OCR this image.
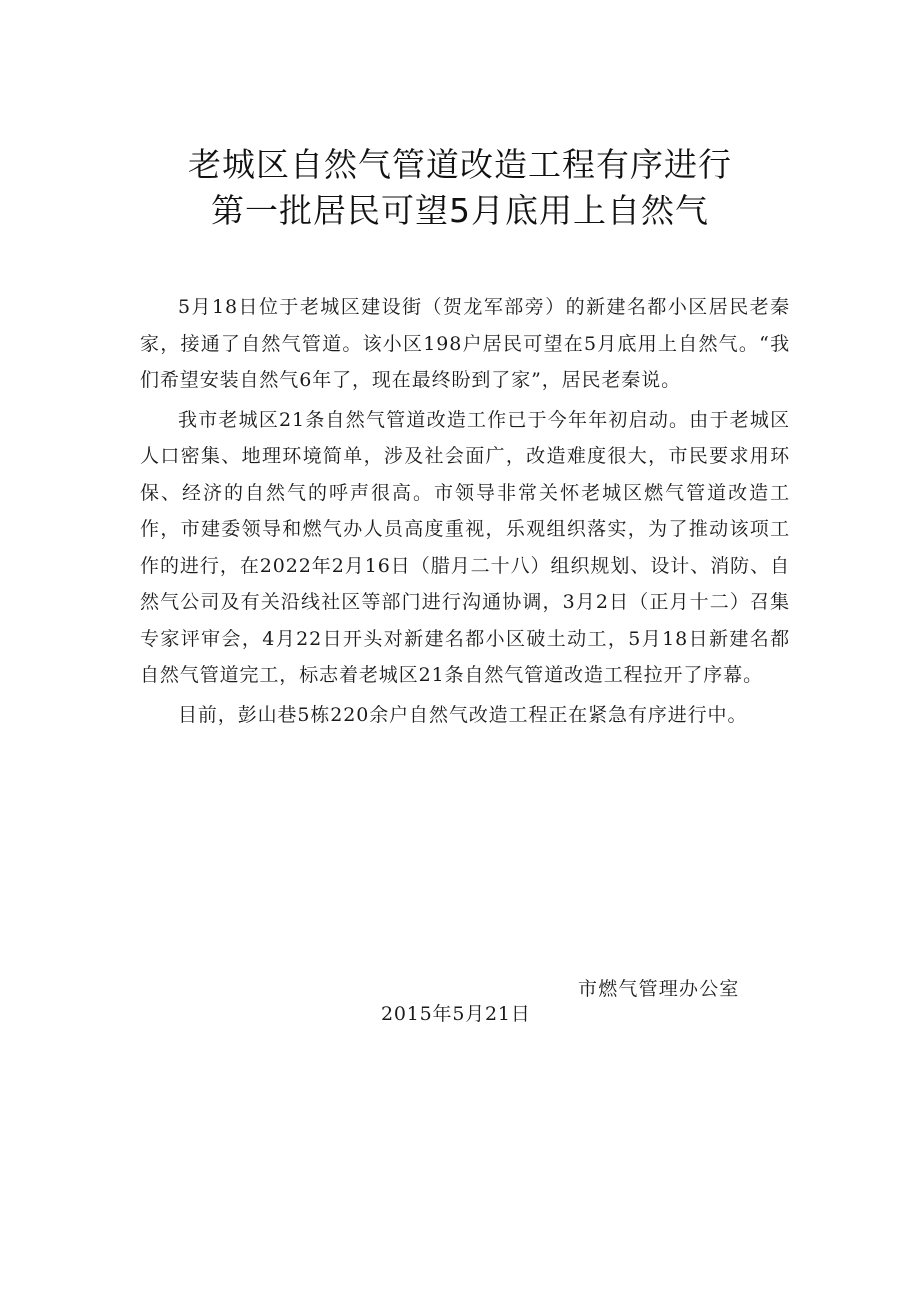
老城区自然气管道改造工程有序进行
第一批居民可望5月底用上自然气

5月18日位于老城区建设街（贺龙军部旁）的新建名都小区居民老秦家，接通了自然气管道。该小区198户居民可望在5月底用上自然气。“我们希望安装自然气6年了，现在最终盼到了家”，居民老秦说。

我市老城区21条自然气管道改造工作已于今年年初启动。由于老城区人口密集、地理环境简单，涉及社会面广，改造难度很大，市民要求用环保、经济的自然气的呼声很高。市领导非常关怀老城区燃气管道改造工作，市建委领导和燃气办人员高度重视，乐观组织落实，为了推动该项工作的进行，在2022年2月16日（腊月二十八）组织规划、设计、消防、自然气公司及有关沿线社区等部门进行沟通协调，3月2日（正月十二）召集专家评审会，4月22日开头对新建名都小区破土动工，5月18日新建名都自然气管道完工，标志着老城区21条自然气管道改造工程拉开了序幕。

目前，彭山巷5栋220余户自然气改造工程正在紧急有序进行中。

市燃气管理办公室
2015年5月21日
